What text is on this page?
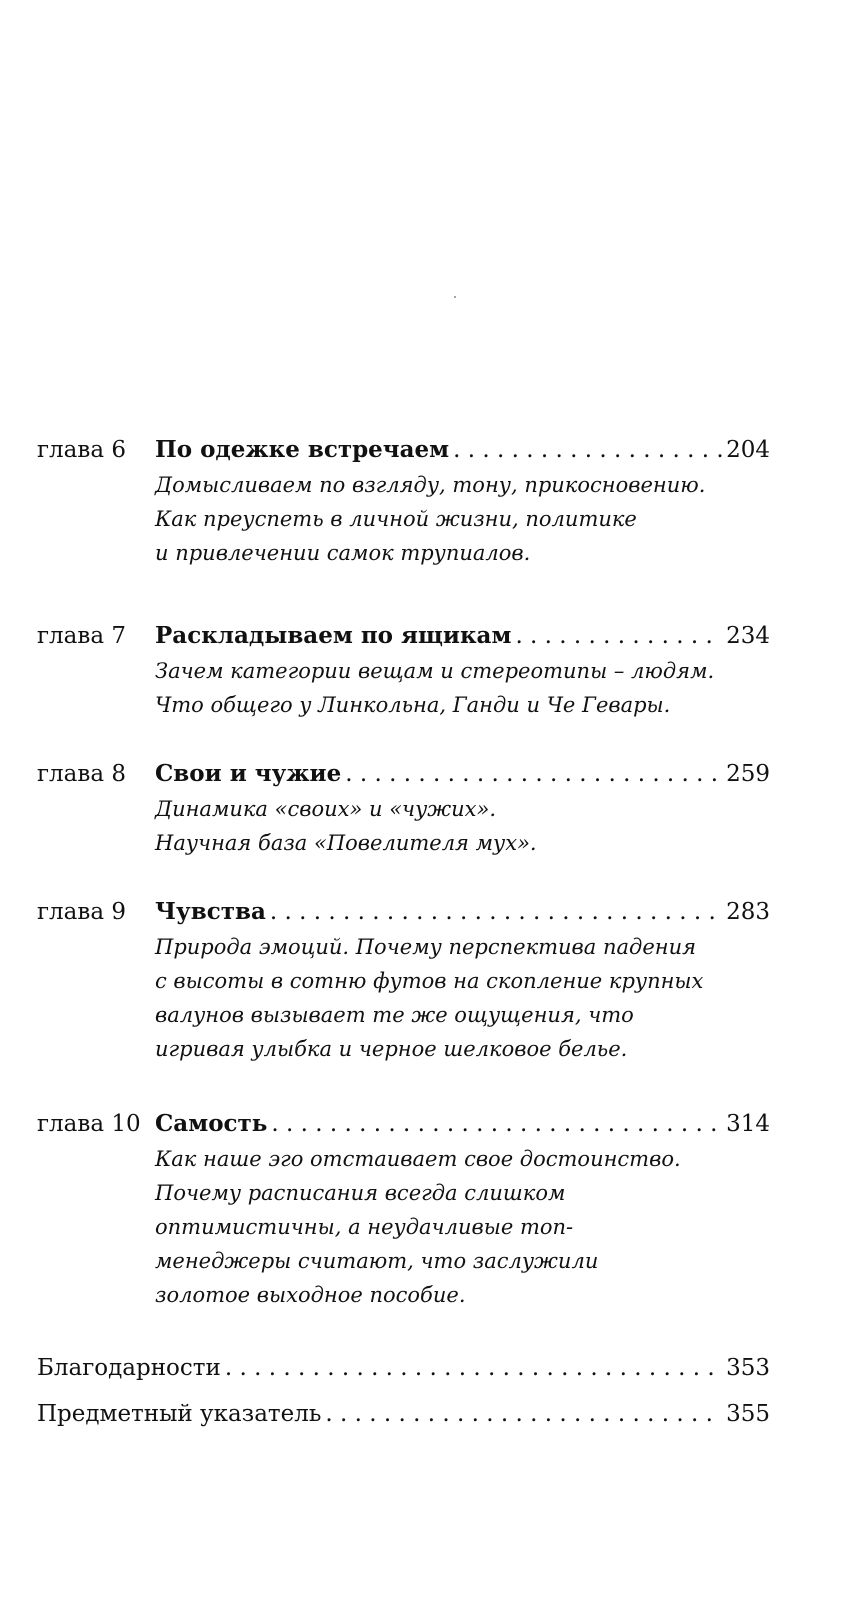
глава 6	По одежке встречаем . . .	204
Домысливаем по взгляду, тону, прикосновению.
Как преуспеть в личной жизни, политике
и привлечении самок трупиалов.
глава 7	Раскладываем по ящикам . . .	234
Зачем категории вещам и стереотипы – людям.
Что общего у Линкольна, Ганди и Че Гевары.
глава 8	Свои и чужие . . .	259
Динамика «своих» и «чужих».
Научная база «Повелителя мух».
глава 9	Чувства . . .	283
Природа эмоций. Почему перспектива падения
с высоты в сотню футов на скопление крупных
валунов вызывает те же ощущения, что
игривая улыбка и черное шелковое белье.
глава 10 Самость . . .	314
Как наше эго отстаивает свое достоинство.
Почему расписания всегда слишком
оптимистичны, а неудачливые топ-
менеджеры считают, что заслужили
золотое выходное пособие.
Благодарности . . .	353
Предметный указатель . . .	355
